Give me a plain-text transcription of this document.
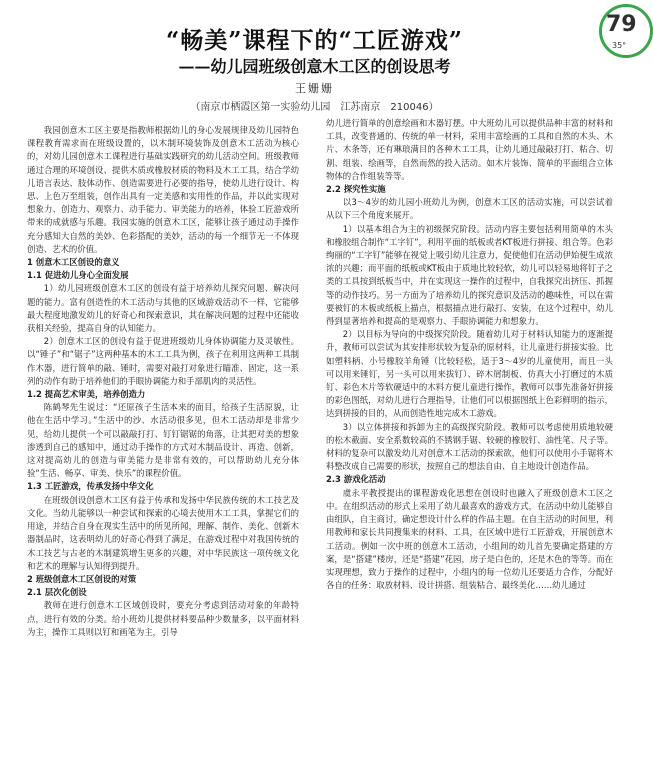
“畅美”课程下的“工匠游戏”
——幼儿园班级创意木工区的创设思考
王姗姗
（南京市栖霞区第一实验幼儿园　江苏南京　210046）

我园创意木工区主要是指教师根据幼儿的身心发展规律及幼儿园特色课程教育需求而在班级设置的，以木制环境装饰及创意木工活动为核心的，对幼儿园创意木工课程进行基础实践研究的幼儿活动空间。班级教师通过合理的环境创设、提供木质或橡胶材质的物料及木工工具，结合学幼儿语言表达、肢体动作、创造需要进行必要的指导，使幼儿进行设计、构思、上色万至组装，创作出具有一定美感和实用性的作品，并以此实现对想象力、创造力、观察力、动手能力、审美能力的培养，体验工匠游戏所带来的成就感与乐趣。我园实施的创意木工区，能够让孩子通过动手操作充分感知大自然的美妙、色彩搭配的美妙，活动的每一个细节无一不体现创造、艺术的价值。

1 创意木工区创设的意义

1.1 促进幼儿身心全面发展

1）幼儿园班级创意木工区的创设有益于培养幼儿探究问题、解决问题的能力。富有创造性的木工活动与其他的区域游戏活动不一样，它能够最大程度地激发幼儿的好奇心和探索意识，其在解决问题的过程中还能收获相关经验，提高自身的认知能力。

2）创意木工区的创设有益于促进班级幼儿身体协调能力及灵敏性。以“锤子”和“锯子”这两种基本的木工工具为例，孩子在利用这两种工具制作木器，进行简单的敲、锤时，需要对敲打对象进行瞄准、固定，这一系列的动作有助于培养他们的手眼协调能力和手部肌肉的灵活性。

1.2 提高艺术审美，培养创造力

陈鹤琴先生说过：“还原孩子生活本来的面目，给孩子生活原貌，让他在生活中学习。”生活中的沙、水活动很多见，但木工活动却是非常少见，给幼儿提供一个可以敲敲打打、钉钉锯锯的角落，让其把对美的想象渗透到自己的感知中，通过动手操作的方式对木制品设计、再造、创新，这对提高幼儿的创造与审美能力是非常有效的，可以帮助幼儿充分体验“生活、畅享、审美、快乐”的课程价值。

1.3 工匠游戏，传承发扬中华文化

在班级创设创意木工区有益于传承和发扬中华民族传统的木工技艺及文化。当幼儿能够以一种尝试和探索的心境去使用木工工具，掌握它们的用途，并结合自身在现实生活中的所见所闻，理解、制作、美化、创新木器制品时，这表明幼儿的好奇心得到了满足，在游戏过程中对我国传统的木工技艺与古老的木制建筑增生更多的兴趣，对中华民族这一项传统文化和艺术的理解与认知得到提升。

2 班级创意木工区创设的对策

2.1 层次化创设

教师在进行创意木工区域创设时，要充分考虑到活动对象的年龄特点，进行有效的分类。给小班幼儿提供材料要品种少数量多，以平面材料为主，操作工具则以钉和画笔为主，引导

幼儿进行简单的创意绘画和木器钉摆。中大班幼儿可以提供品种丰富的材料和工具，改变普通的、传统的单一材料，采用丰富绘画的工具和自然的木头、木片、木条等，还有琳琅满目的各种木工工具，让幼儿通过敲敲打打、粘合、切割、组装、绘画等，自然而然的投入活动。如木片装饰、简单的平面组合立体物体的合作组装等等。

2.2 探究性实施

以3～4岁的幼儿园小班幼儿为例，创意木工区的活动实施，可以尝试着从以下三个角度来展开。

1）以基本组合为主的初级探究阶段。活动内容主要包括利用简单的木头和橡胶组合制作“工字钉”，利用平面的纸板或者KT板进行拼接、组合等。色彩绚丽的“工字钉”能够在视觉上吸引幼儿注意力，促使他们在活动伊始便生成浓浓的兴趣；而平面的纸板或KT板由于质地比较轻软，幼儿可以轻易地将钉子之类的工具按到纸板当中，并在实现这一操作的过程中，自我探究出挤压、抓握等的动作技巧。另一方面为了培养幼儿的探究意识及活动的趣味性，可以在需要被钉的木板或纸板上描点，根据描点进行敲打、安装，在这个过程中，幼儿得到显著培养和提高的是观察力、手眼协调能力和想象力。

2）以目标为导向的中级探究阶段。随着幼儿对于材料认知能力的逐渐提升，教师可以尝试为其安排形状较为复杂的原材料，让儿童进行拼接实验。比如塑料柄、小号橡胶羊角锤（比较轻松，适于3～4岁的儿童使用，而且一头可以用来锤钉，另一头可以用来拔钉）、碎木屑制板、仿真大小打磨过的木质钉、彩色木片等软硬适中的木料方便儿童进行操作，教师可以事先准备好拼接的彩色图纸，对幼儿进行合理指导，让他们可以根据图纸上色彩鲜明的指示，达到拼接的目的，从而创造性地完成木工游戏。

3）以立体拼接和拆卸为主的高级探究阶段。教师可以考虑使用质地较硬的松木截面、安全系数较高的不锈钢手锯、较硬的橡胶钉、油性笔、尺子等。材料的复杂可以激发幼儿对创意木工活动的探索欲，他们可以使用小手锯将木料整改成自己需要的形状，按照自己的想法自由、自主地设计创造作品。

2.3 游戏化活动

虞永平教授提出的课程游戏化思想在创设时也融入了班级创意木工区之中。在组织活动的形式上采用了幼儿最喜欢的游戏方式，在活动中幼儿能够自由组队，自主商讨，确定想设计什么样的作品主题。在自主活动的时间里，利用教师和家长共同搜集来的材料、工具，在区域中进行工匠游戏，开展创意木工活动。例如一次中班的创意木工活动，小组间的幼儿首先要确定搭建的方案，是“搭建”楼房，还是“搭建”花园，房子是白色的，还是木色的等等。而在实现理想，致力于操作的过程中，小组内的每一位幼儿还要适力合作，分配好各自的任务：取放材料、设计拼搭、组装粘合、最终美化……幼儿通过

79
35°
